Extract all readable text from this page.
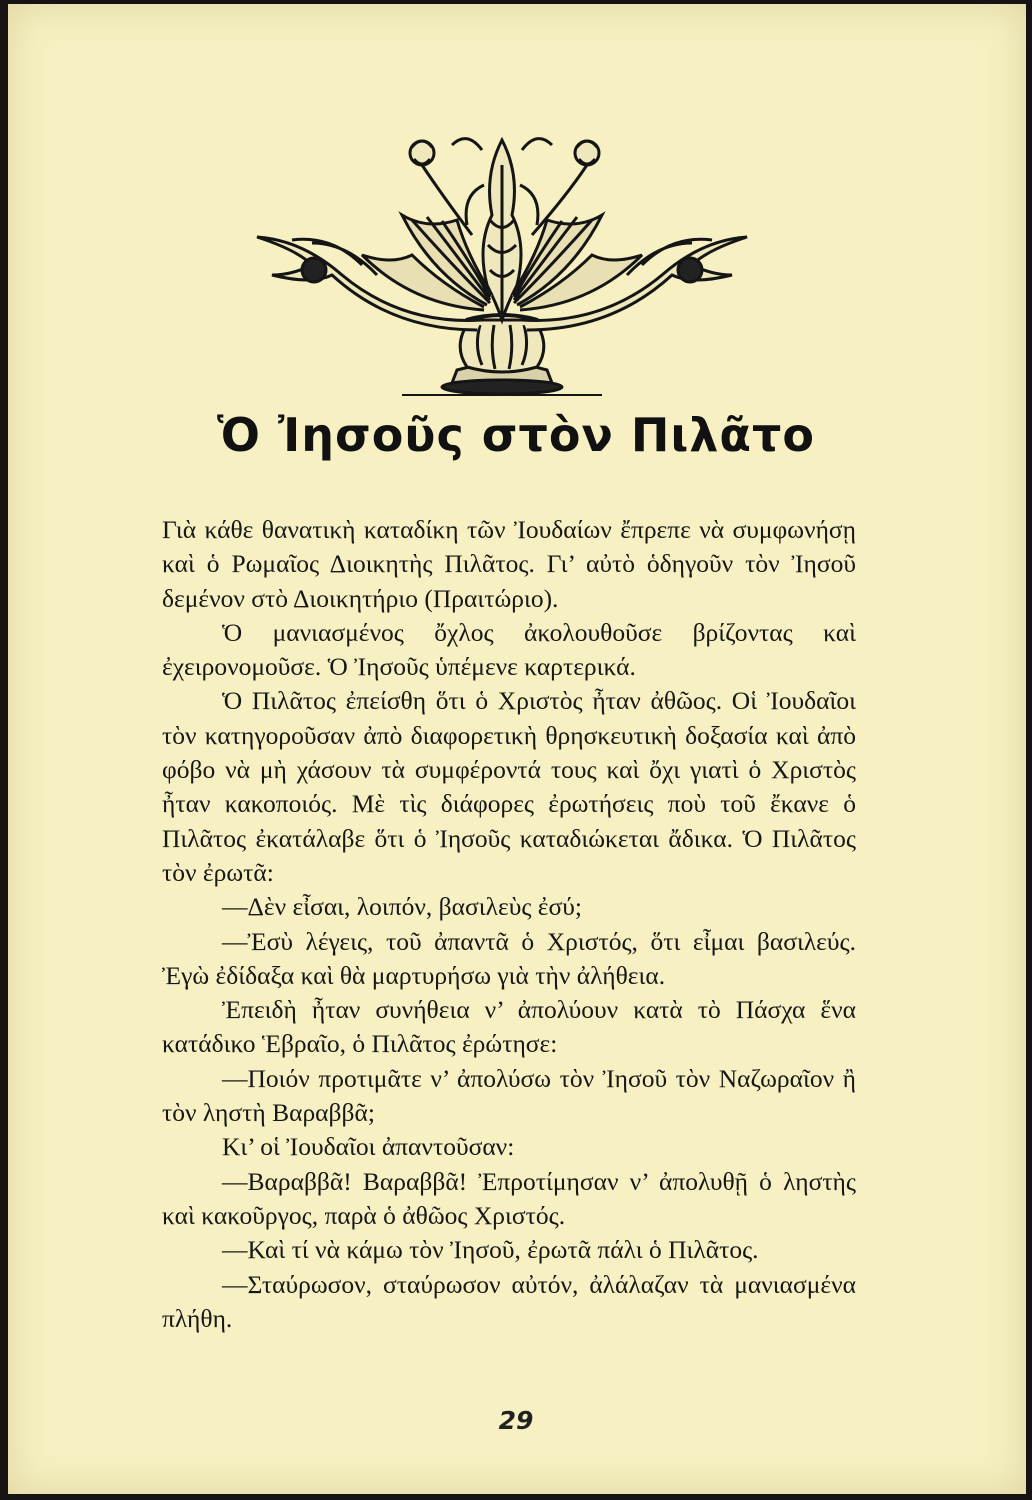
Ὁ Ἰησοῦς στὸν Πιλᾶτο

Γιὰ κάθε θανατικὴ καταδίκη τῶν Ἰουδαίων ἔπρεπε νὰ συμφωνήσῃ καὶ ὁ Ρωμαῖος Διοικητὴς Πιλᾶτος. Γι’ αὐτὸ ὁδηγοῦν τὸν Ἰησοῦ δεμένον στὸ Διοικητήριο (Πραιτώριο).

Ὁ μανιασμένος ὄχλος ἀκολουθοῦσε βρίζοντας καὶ ἐχειρονομοῦσε. Ὁ Ἰησοῦς ὑπέμενε καρτερικά.

Ὁ Πιλᾶτος ἐπείσθη ὅτι ὁ Χριστὸς ἦταν ἀθῶος. Οἱ Ἰουδαῖοι τὸν κατηγοροῦσαν ἀπὸ διαφορετικὴ θρησκευτικὴ δοξασία καὶ ἀπὸ φόβο νὰ μὴ χάσουν τὰ συμφέροντά τους καὶ ὄχι γιατὶ ὁ Χριστὸς ἦταν κακοποιός. Μὲ τὶς διάφορες ἐρωτήσεις ποὺ τοῦ ἔκανε ὁ Πιλᾶτος ἐκατάλαβε ὅτι ὁ Ἰησοῦς καταδιώκεται ἄδικα. Ὁ Πιλᾶτος τὸν ἐρωτᾶ:

—Δὲν εἶσαι, λοιπόν, βασιλεὺς ἐσύ;

—Ἐσὺ λέγεις, τοῦ ἀπαντᾶ ὁ Χριστός, ὅτι εἶμαι βασιλεύς. Ἐγὼ ἐδίδαξα καὶ θὰ μαρτυρήσω γιὰ τὴν ἀλήθεια.

Ἐπειδὴ ἦταν συνήθεια ν’ ἀπολύουν κατὰ τὸ Πάσχα ἕνα κατάδικο Ἑβραῖο, ὁ Πιλᾶτος ἐρώτησε:

—Ποιόν προτιμᾶτε ν’ ἀπολύσω τὸν Ἰησοῦ τὸν Ναζωραῖον ἢ τὸν ληστὴ Βαραββᾶ;

Κι’ οἱ Ἰουδαῖοι ἀπαντοῦσαν:

—Βαραββᾶ! Βαραββᾶ! Ἐπροτίμησαν ν’ ἀπολυθῇ ὁ ληστὴς καὶ κακοῦργος, παρὰ ὁ ἀθῶος Χριστός.

—Καὶ τί νὰ κάμω τὸν Ἰησοῦ, ἐρωτᾶ πάλι ὁ Πιλᾶτος.

—Σταύρωσον, σταύρωσον αὐτόν, ἀλάλαζαν τὰ μανιασμένα πλήθη.

29
